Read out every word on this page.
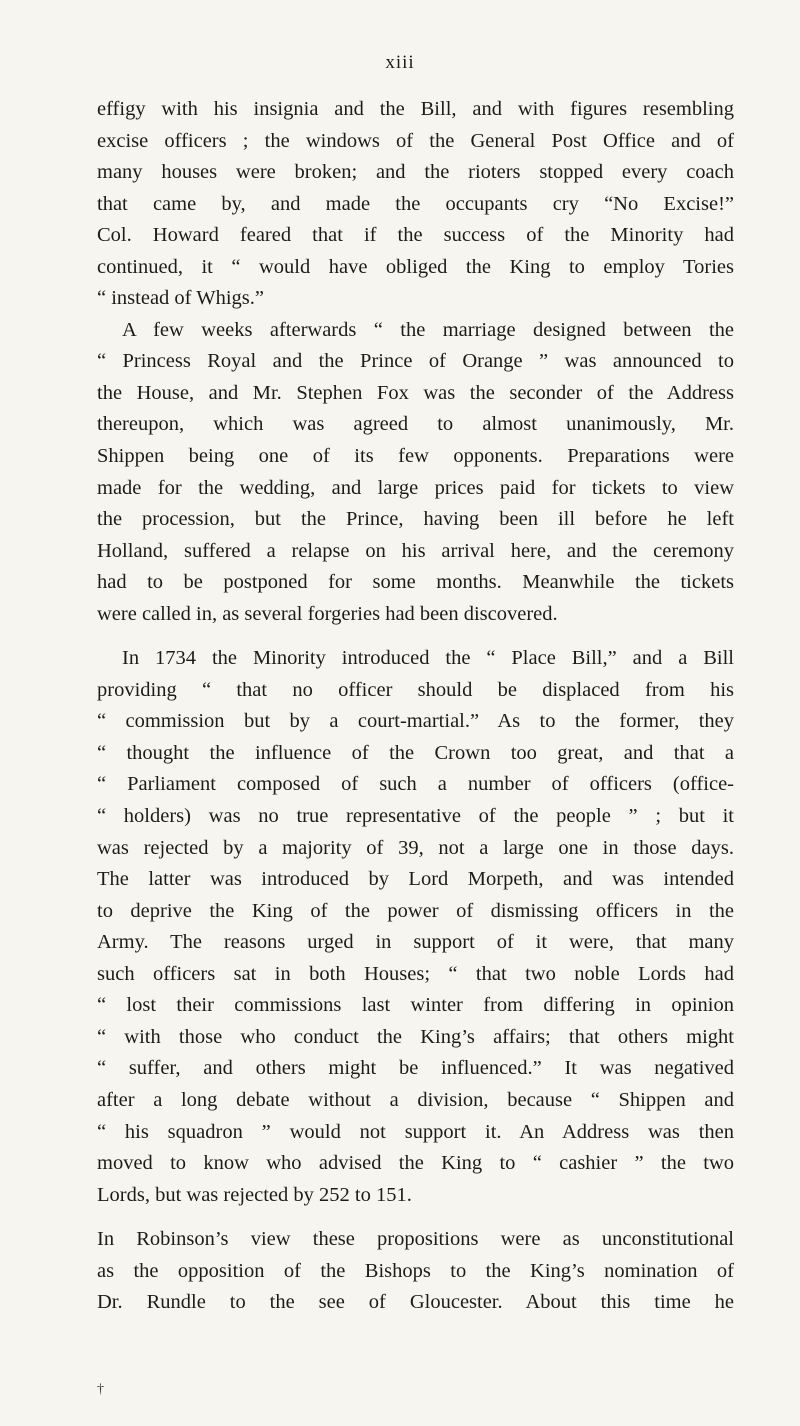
xiii
effigy with his insignia and the Bill, and with figures resembling
excise officers ; the windows of the General Post Office and of
many houses were broken; and the rioters stopped every coach
that came by, and made the occupants cry “No Excise!”
Col. Howard feared that if the success of the Minority had
continued, it “ would have obliged the King to employ Tories
“ instead of Whigs.”
A few weeks afterwards “ the marriage designed between the
“ Princess Royal and the Prince of Orange ” was announced to
the House, and Mr. Stephen Fox was the seconder of the Address
thereupon, which was agreed to almost unanimously, Mr.
Shippen being one of its few opponents. Preparations were
made for the wedding, and large prices paid for tickets to view
the procession, but the Prince, having been ill before he left
Holland, suffered a relapse on his arrival here, and the ceremony
had to be postponed for some months. Meanwhile the tickets
were called in, as several forgeries had been discovered.
In 1734 the Minority introduced the “ Place Bill,” and a Bill
providing “ that no officer should be displaced from his
“ commission but by a court-martial.” As to the former, they
“ thought the influence of the Crown too great, and that a
“ Parliament composed of such a number of officers (office-
“ holders) was no true representative of the people ” ; but it
was rejected by a majority of 39, not a large one in those days.
The latter was introduced by Lord Morpeth, and was intended
to deprive the King of the power of dismissing officers in the
Army. The reasons urged in support of it were, that many
such officers sat in both Houses; “ that two noble Lords had
“ lost their commissions last winter from differing in opinion
“ with those who conduct the King’s affairs; that others might
“ suffer, and others might be influenced.” It was negatived
after a long debate without a division, because “ Shippen and
“ his squadron ” would not support it. An Address was then
moved to know who advised the King to “ cashier ” the two
Lords, but was rejected by 252 to 151.
In Robinson’s view these propositions were as unconstitutional
as the opposition of the Bishops to the King’s nomination of
Dr. Rundle to the see of Gloucester. About this time he
†
